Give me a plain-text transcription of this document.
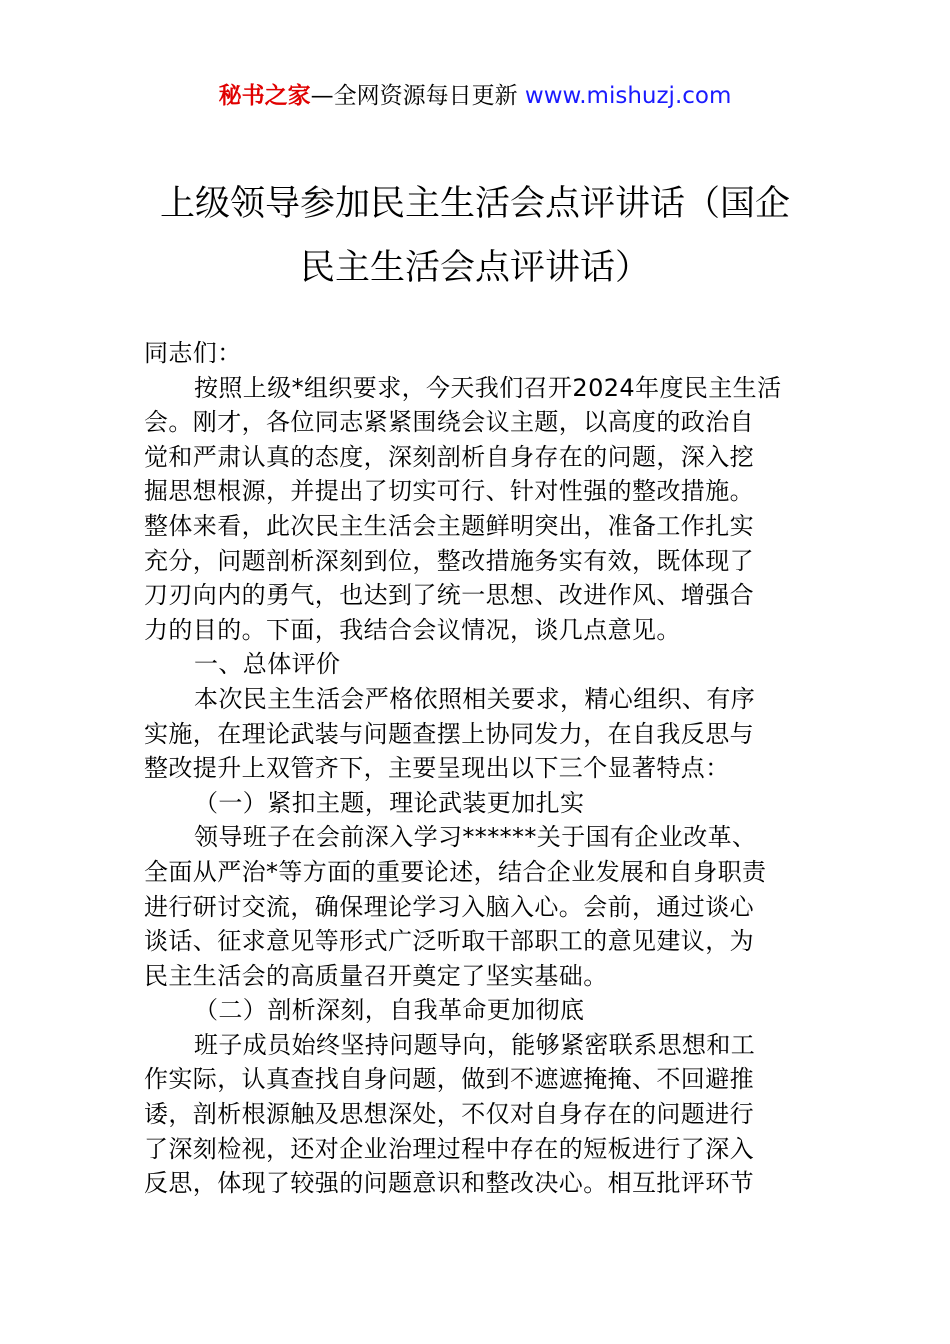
秘书之家—全网资源每日更新 www.mishuzj.com
上级领导参加民主生活会点评讲话（国企
民主生活会点评讲话）
同志们：
按照上级*组织要求，今天我们召开2024年度民主生活
会。刚才，各位同志紧紧围绕会议主题，以高度的政治自
觉和严肃认真的态度，深刻剖析自身存在的问题，深入挖
掘思想根源，并提出了切实可行、针对性强的整改措施。
整体来看，此次民主生活会主题鲜明突出，准备工作扎实
充分，问题剖析深刻到位，整改措施务实有效，既体现了
刀刃向内的勇气，也达到了统一思想、改进作风、增强合
力的目的。下面，我结合会议情况，谈几点意见。
一、总体评价
本次民主生活会严格依照相关要求，精心组织、有序
实施，在理论武装与问题查摆上协同发力，在自我反思与
整改提升上双管齐下，主要呈现出以下三个显著特点：
（一）紧扣主题，理论武装更加扎实
领导班子在会前深入学习******关于国有企业改革、
全面从严治*等方面的重要论述，结合企业发展和自身职责
进行研讨交流，确保理论学习入脑入心。会前，通过谈心
谈话、征求意见等形式广泛听取干部职工的意见建议，为
民主生活会的高质量召开奠定了坚实基础。
（二）剖析深刻，自我革命更加彻底
班子成员始终坚持问题导向，能够紧密联系思想和工
作实际，认真查找自身问题，做到不遮遮掩掩、不回避推
诿，剖析根源触及思想深处，不仅对自身存在的问题进行
了深刻检视，还对企业治理过程中存在的短板进行了深入
反思，体现了较强的问题意识和整改决心。相互批评环节
